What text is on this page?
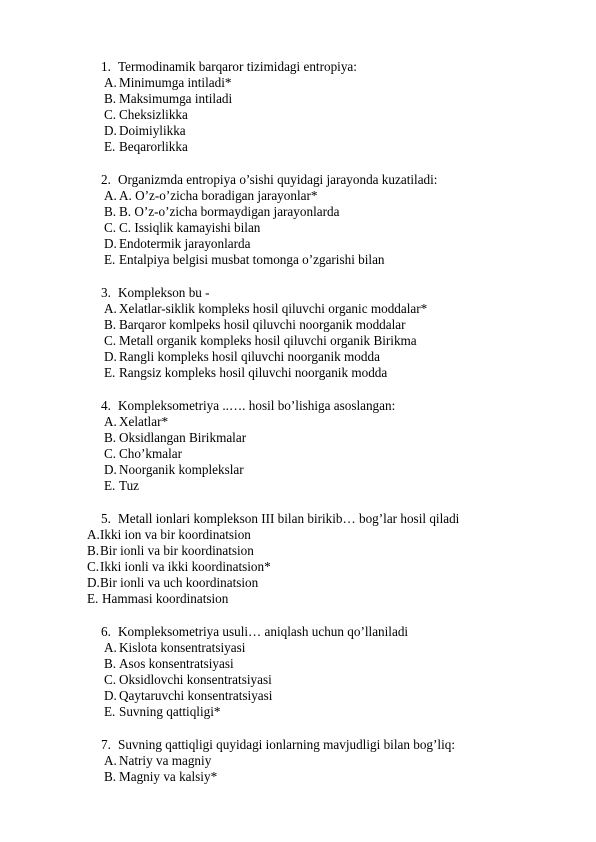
1. Termodinamik barqaror tizimidagi entropiya:
A. Minimumga intiladi*
B. Maksimumga intiladi
C. Cheksizlikka
D. Doimiylikka
E. Beqarorlikka
2. Organizmda entropiya o’sishi quyidagi jarayonda kuzatiladi:
A. A. O’z-o’zicha boradigan jarayonlar*
B. B. O’z-o’zicha bormaydigan jarayonlarda
C. C. Issiqlik kamayishi bilan
D. Endotermik jarayonlarda
E. Entalpiya belgisi musbat tomonga o’zgarishi bilan
3. Komplekson bu -
A. Xelatlar-siklik kompleks hosil qiluvchi organic moddalar*
B. Barqaror komlpeks hosil qiluvchi noorganik moddalar
C. Metall organik kompleks hosil qiluvchi organik Birikma
D. Rangli kompleks hosil qiluvchi noorganik modda
E. Rangsiz kompleks hosil qiluvchi noorganik modda
4. Kompleksometriya ..…. hosil bo’lishiga asoslangan:
A. Xelatlar*
B. Oksidlangan Birikmalar
C. Cho’kmalar
D. Noorganik komplekslar
E. Tuz
5. Metall ionlari komplekson III bilan birikib… bog’lar hosil qiladi
A.Ikki ion va bir koordinatsion
B.Bir ionli va bir koordinatsion
C.Ikki ionli va ikki koordinatsion*
D.Bir ionli va uch koordinatsion
E. Hammasi koordinatsion
6. Kompleksometriya usuli… aniqlash uchun qo’llaniladi
A. Kislota konsentratsiyasi
B. Asos konsentratsiyasi
C. Oksidlovchi konsentratsiyasi
D. Qaytaruvchi konsentratsiyasi
E. Suvning qattiqligi*
7. Suvning qattiqligi quyidagi ionlarning mavjudligi bilan bog’liq:
A. Natriy va magniy
B. Magniy va kalsiy*
